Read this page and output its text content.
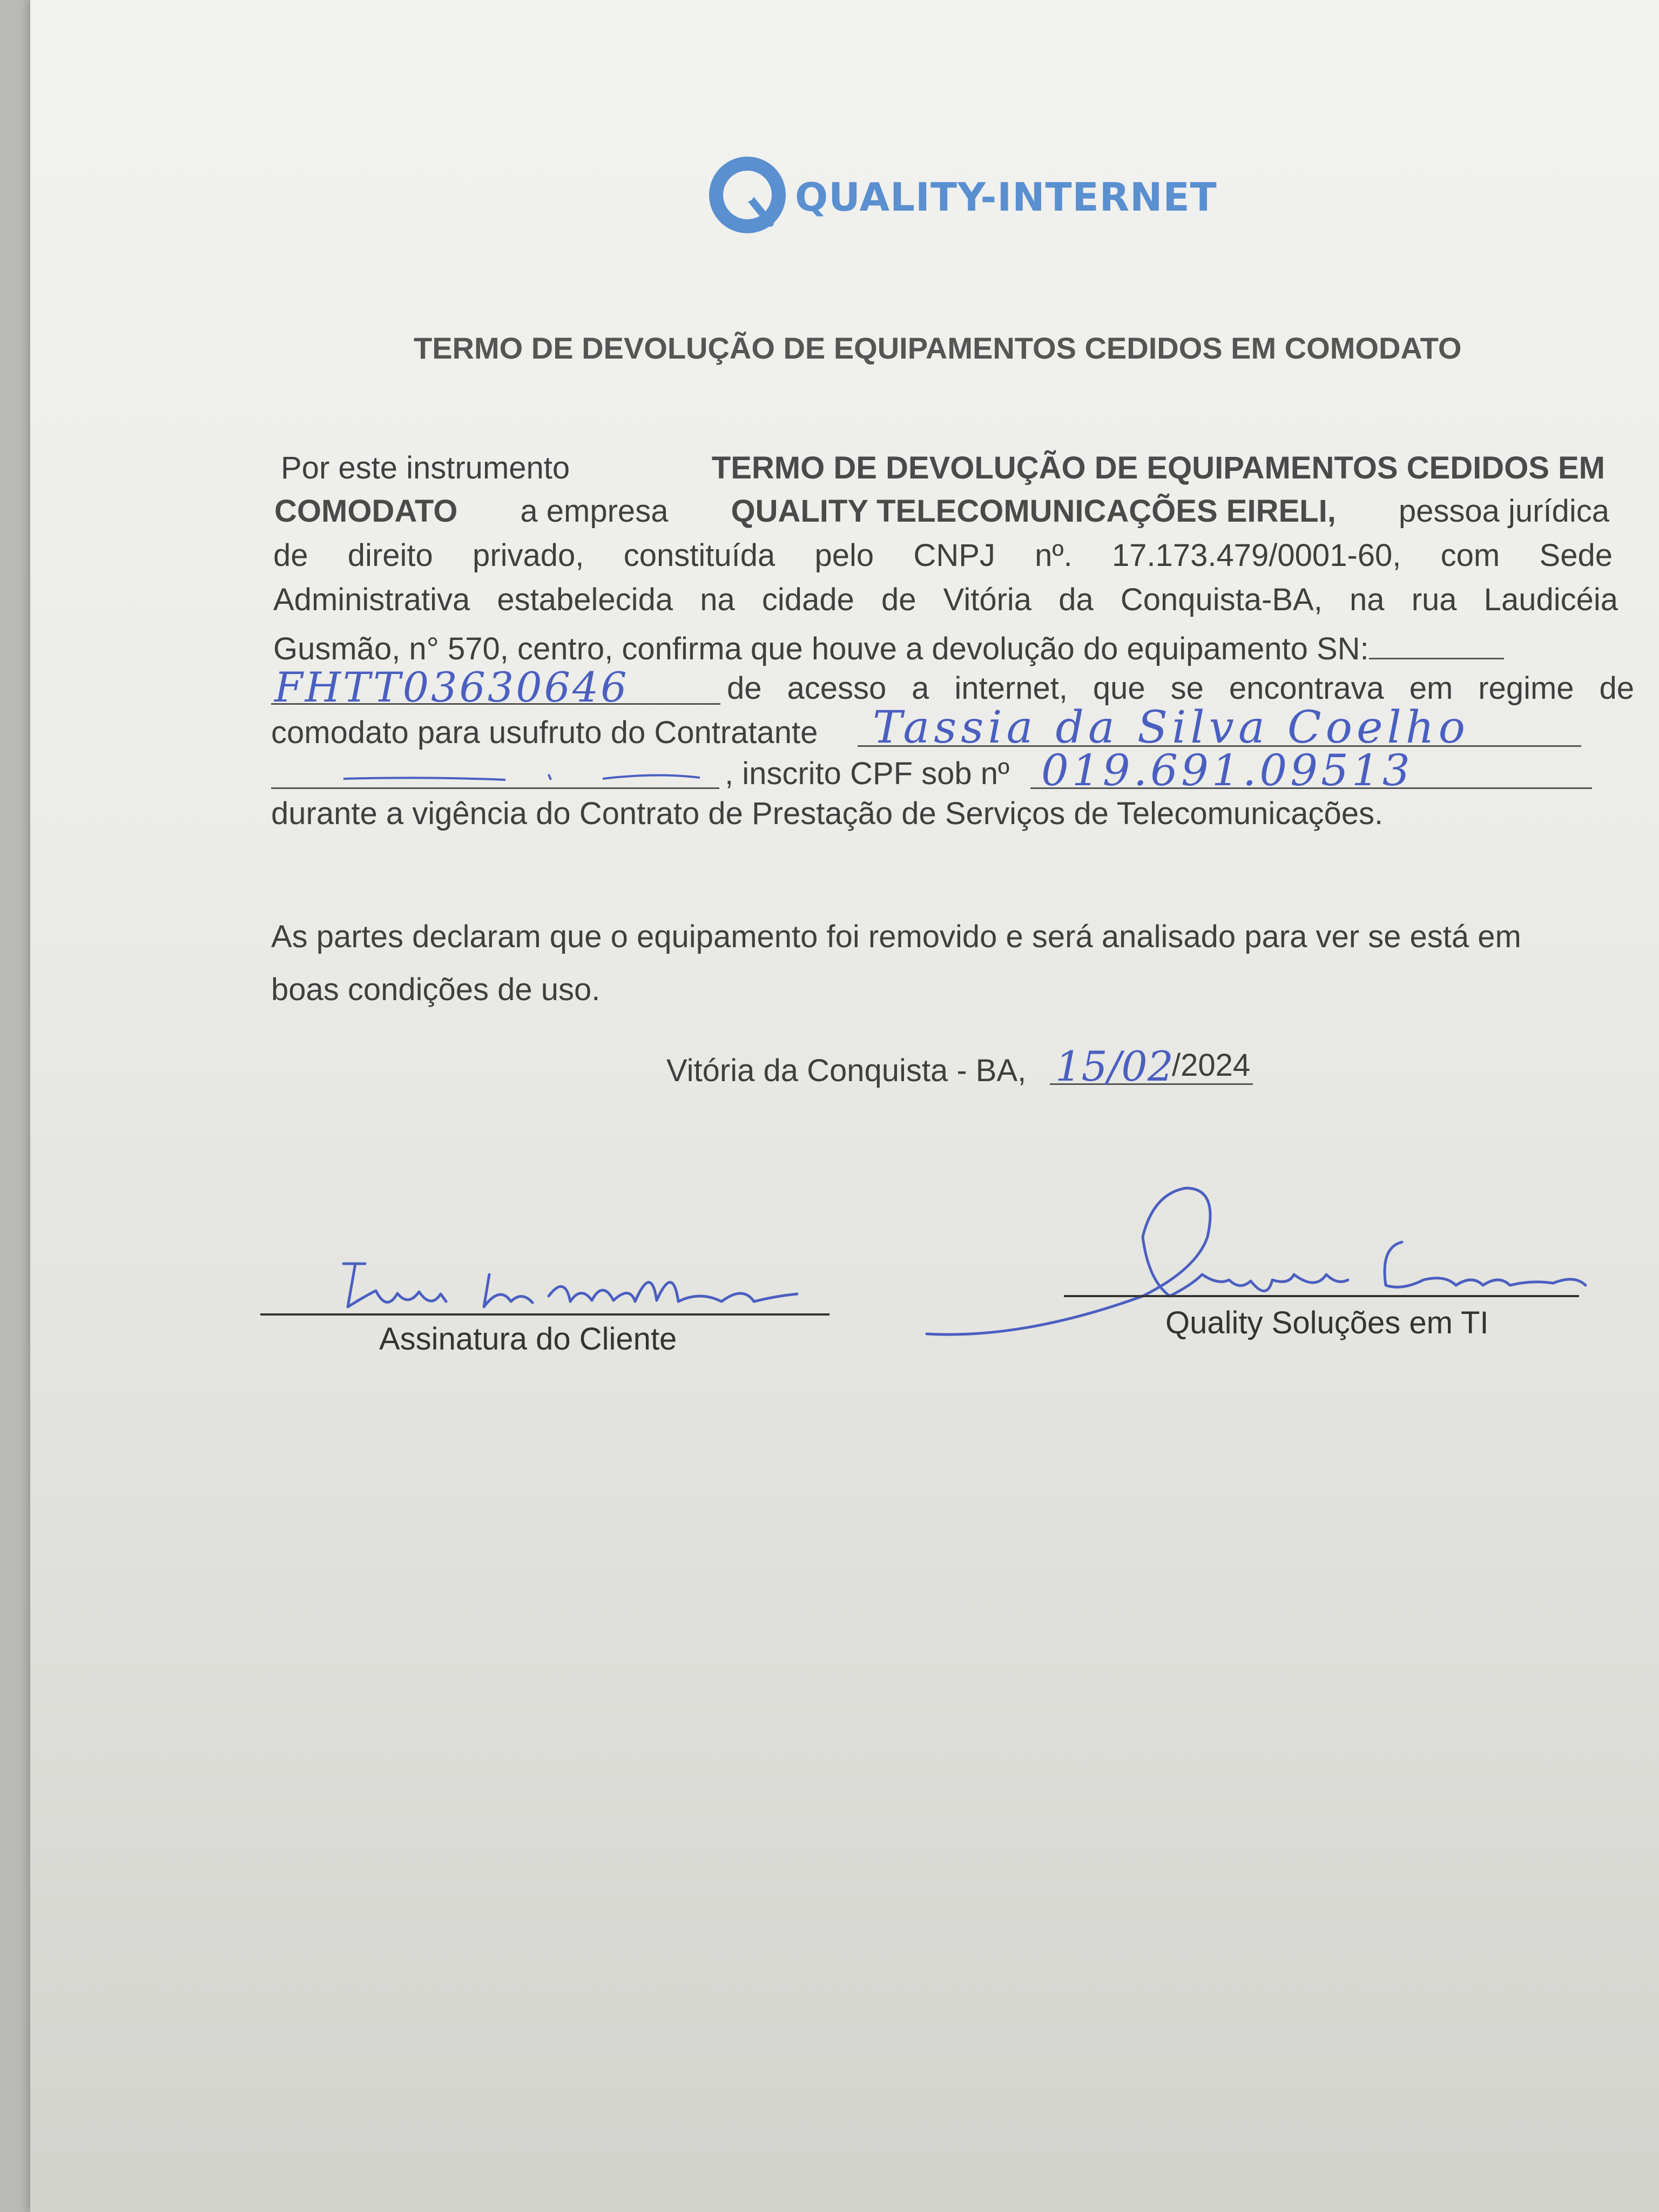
QUALITY-INTERNET
TERMO DE DEVOLUÇÃO DE EQUIPAMENTOS CEDIDOS EM COMODATO
Por este instrumento	TERMO DE DEVOLUÇÃO DE EQUIPAMENTOS CEDIDOS EM
COMODATO a empresa QUALITY TELECOMUNICAÇÕES EIRELI, pessoa jurídica
de direito privado, constituída pelo CNPJ nº. 17.173.479/0001-60, com Sede
Administrativa estabelecida na cidade de Vitória da Conquista-BA, na rua Laudicéia
Gusmão, n° 570, centro, confirma que houve a devolução do equipamento SN:
FHTT03630646	de acesso a internet, que se encontrava em regime de
comodato para usufruto do Contratante Tassia da Silva Coelho
, inscrito CPF sob nº 019.691.09513
durante a vigência do Contrato de Prestação de Serviços de Telecomunicações.
As partes declaram que o equipamento foi removido e será analisado para ver se está em
boas condições de uso.
Vitória da Conquista - BA, 15/02
/2024
Assinatura do Cliente	Quality Soluções em TI
